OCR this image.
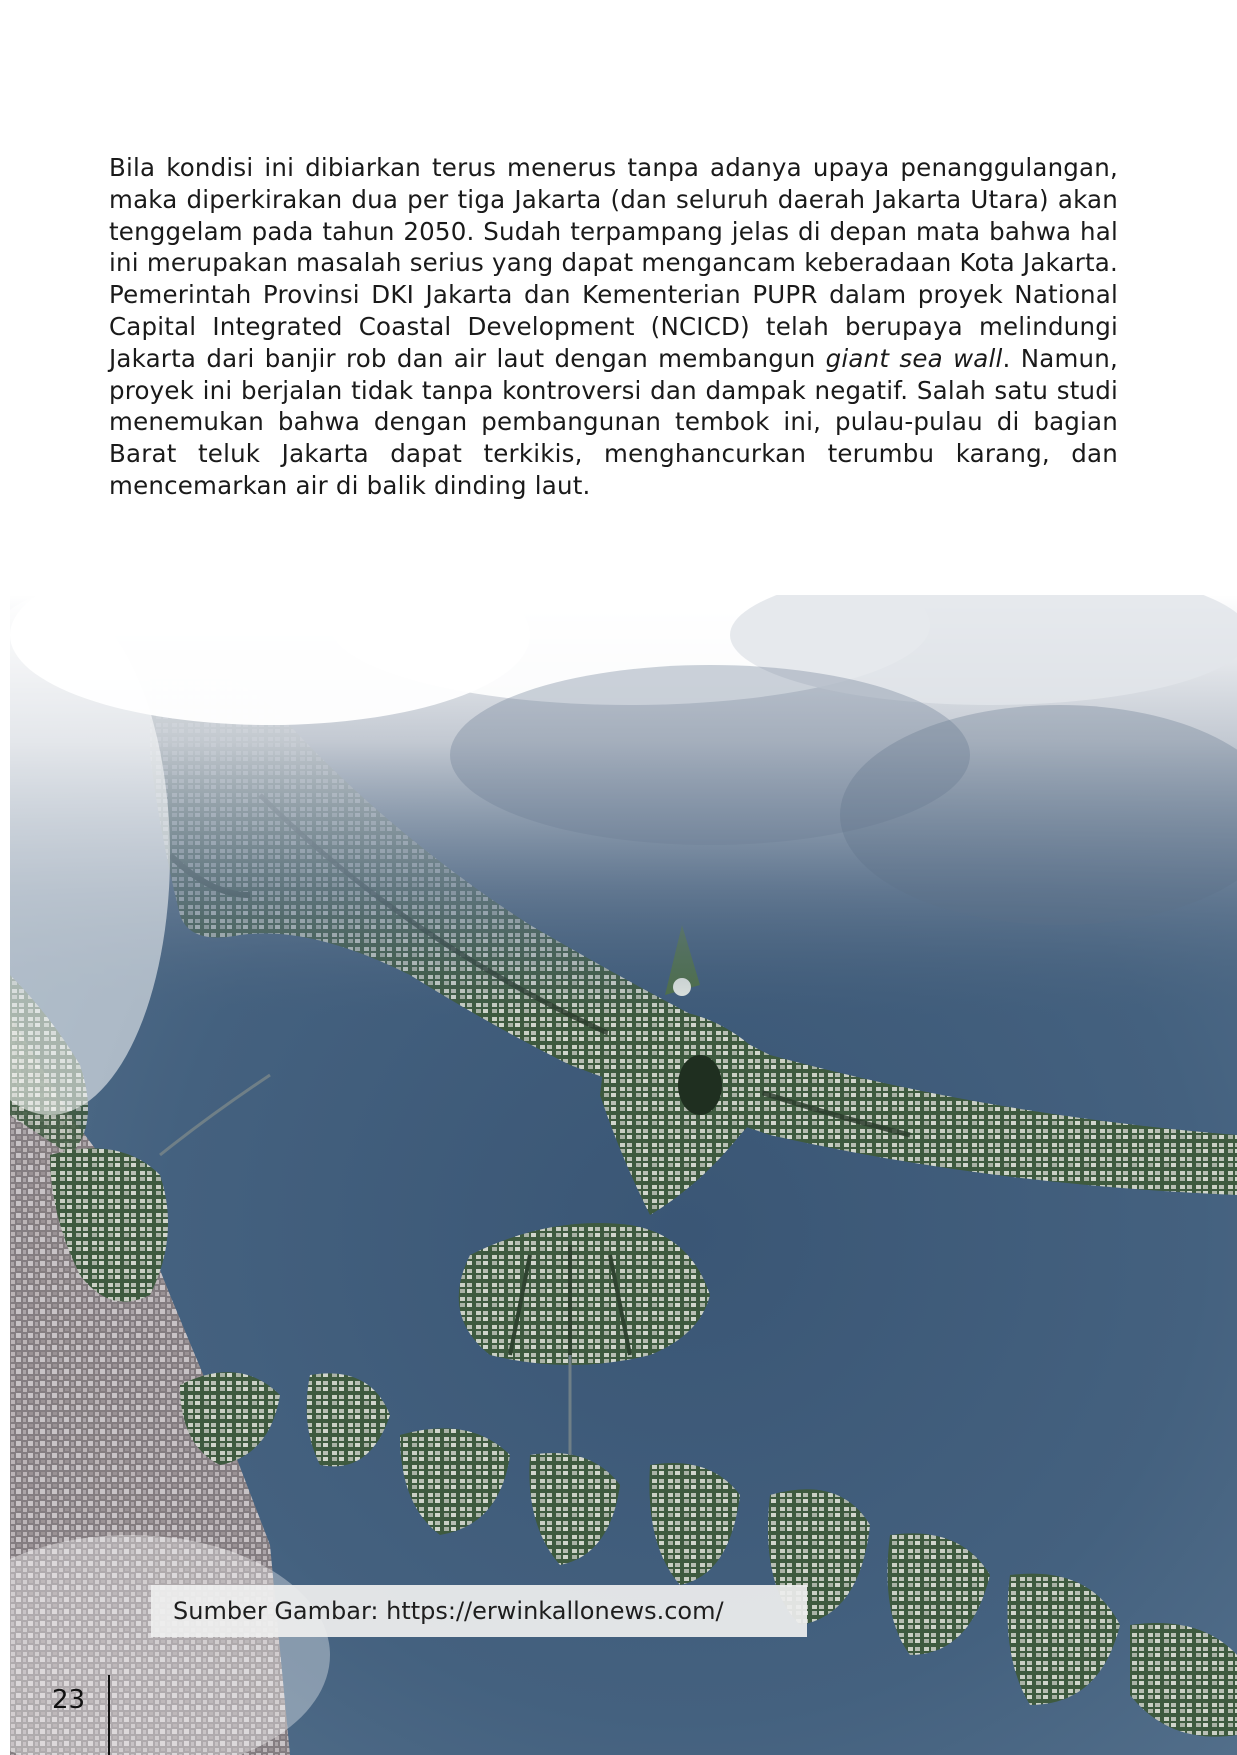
Bila kondisi ini dibiarkan terus menerus tanpa adanya upaya penanggulangan, maka diperkirakan dua per tiga Jakarta (dan seluruh daerah Jakarta Utara) akan tenggelam pada tahun 2050. Sudah terpampang jelas di depan mata bahwa hal ini merupakan masalah serius yang dapat mengancam keberadaan Kota Jakarta. Pemerintah Provinsi DKI Jakarta dan Kementerian PUPR dalam proyek National Capital Integrated Coastal Development (NCICD) telah berupaya melindungi Jakarta dari banjir rob dan air laut dengan membangun giant sea wall. Namun, proyek ini berjalan tidak tanpa kontroversi dan dampak negatif. Salah satu studi menemukan bahwa dengan pembangunan tembok ini, pulau-pulau di bagian Barat teluk Jakarta dapat terkikis, menghancurkan terumbu karang, dan mencemarkan air di balik dinding laut.

Sumber Gambar: https://erwinkallonews.com/
23
